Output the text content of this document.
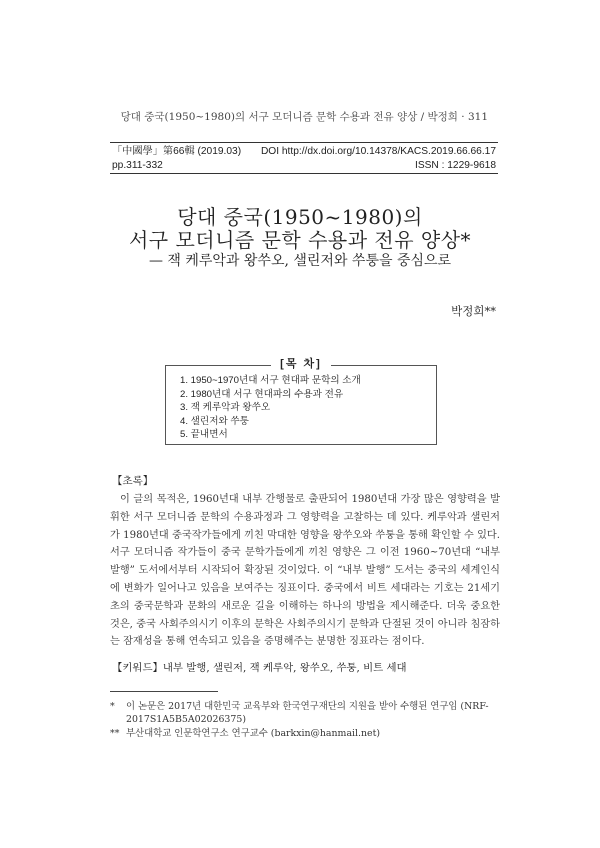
당대 중국(1950~1980)의 서구 모더니즘 문학 수용과 전유 양상 / 박정희 · 311
「中國學」第66輯 (2019.03) DOI http://dx.doi.org/10.14378/KACS.2019.66.66.17
pp.311-332	ISSN : 1229-9618
당대 중국(1950~1980)의
서구 모더니즘 문학 수용과 전유 양상*
— 잭 케루악과 왕쑤오, 샐린저와 쑤퉁을 중심으로
박정희**
[목 차]
1. 1950~1970년대 서구 현대파 문학의 소개
2. 1980년대 서구 현대파의 수용과 전유
3. 잭 케루악과 왕쑤오
4. 샐린저와 쑤퉁
5. 끝내면서
【초록】

이 글의 목적은, 1960년대 내부 간행물로 출판되어 1980년대 가장 많은 영향력을 발휘한 서구 모더니즘 문학의 수용과정과 그 영향력을 고찰하는 데 있다. 케루악과 샐린저가 1980년대 중국작가들에게 끼친 막대한 영향을 왕쑤오와 쑤퉁을 통해 확인할 수 있다. 서구 모더니즘 작가들이 중국 문학가들에게 끼친 영향은 그 이전 1960~70년대 “내부 발행” 도서에서부터 시작되어 확장된 것이었다. 이 “내부 발행” 도서는 중국의 세계인식에 변화가 일어나고 있음을 보여주는 징표이다. 중국에서 비트 세대라는 기호는 21세기 초의 중국문학과 문화의 새로운 길을 이해하는 하나의 방법을 제시해준다. 더욱 중요한 것은, 중국 사회주의시기 이후의 문학은 사회주의시기 문학과 단절된 것이 아니라 침잠하는 잠재성을 통해 연속되고 있음을 증명해주는 분명한 징표라는 점이다.

【키워드】내부 발행, 샐린저, 잭 케루악, 왕쑤오, 쑤퉁, 비트 세대
*	이 논문은 2017년 대한민국 교육부와 한국연구재단의 지원을 받아 수행된 연구임 (NRF-2017S1A5B5A02026375)
** 부산대학교 인문학연구소 연구교수 (barkxin@hanmail.net)
